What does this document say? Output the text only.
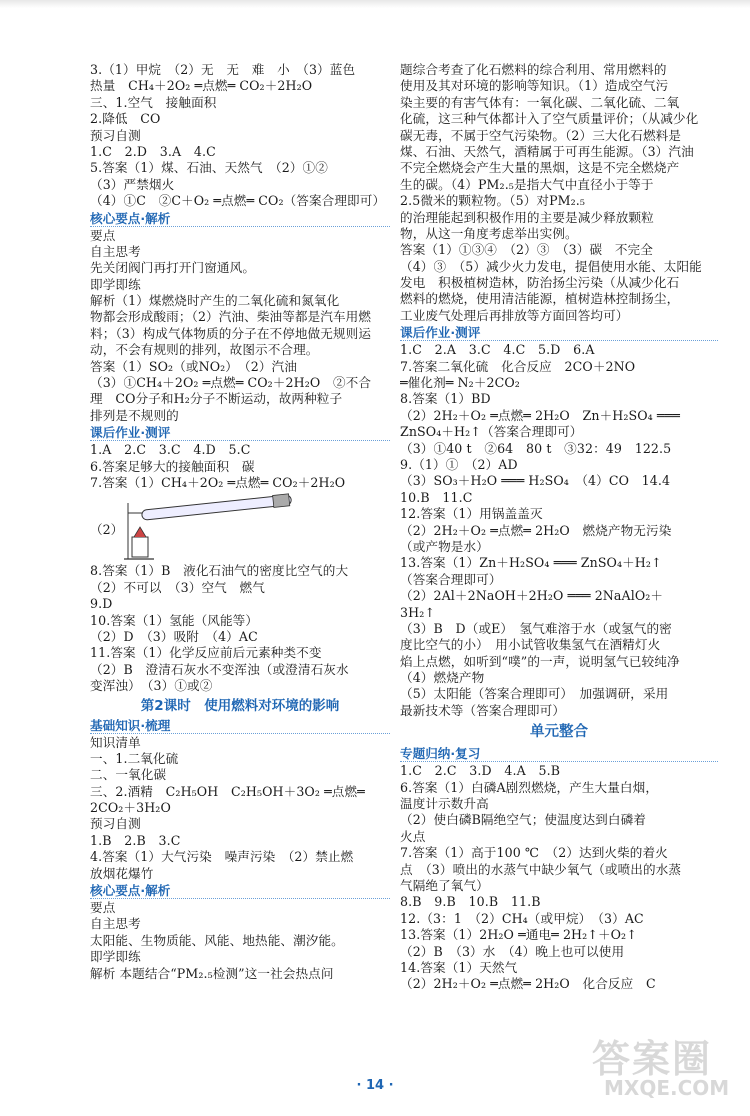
3.（1）甲烷　（2）无　无　难　小　（3）蓝色
热量　CH₄＋2O₂ ═点燃═ CO₂＋2H₂O
三、1.空气　接触面积
2.降低　CO
预习自测
1.C　2.D　3.A　4.C
5.答案（1）煤、石油、天然气　（2）①②
（3）严禁烟火
（4）①C　②C＋O₂ ═点燃═ CO₂（答案合理即可）
核心要点·解析
要点
自主思考
先关闭阀门再打开门窗通风。
即学即练
解析（1）煤燃烧时产生的二氧化硫和氮氧化
物都会形成酸雨；（2）汽油、柴油等都是汽车用燃
料；（3）构成气体物质的分子在不停地做无规则运
动，不会有规则的排列，故图示不合理。
答案（1）SO₂（或NO₂）　（2）汽油
（3）①CH₄＋2O₂ ═点燃═ CO₂＋2H₂O　②不合
理　CO分子和H₂分子不断运动，故两种粒子
排列是不规则的
课后作业·测评
1.A　2.C　3.C　4.D　5.C
6.答案足够大的接触面积　碳
7.答案（1）CH₄＋2O₂ ═点燃═ CO₂＋2H₂O
（2）
8.答案（1）B　液化石油气的密度比空气的大
（2）不可以　（3）空气　燃气
9.D
10.答案（1）氢能（风能等）
（2）D　（3）吸附　（4）AC
11.答案（1）化学反应前后元素种类不变
（2）B　澄清石灰水不变浑浊（或澄清石灰水
变浑浊）　（3）①或②
第2课时　使用燃料对环境的影响
基础知识·梳理
知识清单
一、1.二氧化硫
二、一氧化碳
三、2.酒精　C₂H₅OH　C₂H₅OH＋3O₂ ═点燃═
2CO₂＋3H₂O
预习自测
1.B　2.B　3.C
4.答案（1）大气污染　噪声污染　（2）禁止燃
放烟花爆竹
核心要点·解析
要点
自主思考
太阳能、生物质能、风能、地热能、潮汐能。
即学即练
解析 本题结合“PM₂.₅检测”这一社会热点问
题综合考查了化石燃料的综合利用、常用燃料的
使用及其对环境的影响等知识。（1）造成空气污
染主要的有害气体有：一氧化碳、二氧化硫、二氧
化硫，这三种气体都计入了空气质量评价；（从减少化
碳无毒，不属于空气污染物。（2）三大化石燃料是
煤、石油、天然气，酒精属于可再生能源。（3）汽油
不完全燃烧会产生大量的黑烟，这是不完全燃烧产
生的碳。（4）PM₂.₅是指大气中直径小于等于
2.5微米的颗粒物。（5）对PM₂.₅
的治理能起到积极作用的主要是减少释放颗粒
物，从这一角度考虑举出实例。
答案（1）①③④　（2）③　（3）碳　不完全
（4）③　（5）减少火力发电，提倡使用水能、太阳能
发电　积极植树造林，防治扬尘污染（从减少化石
燃料的燃烧，使用清洁能源，植树造林控制扬尘，
工业废气处理后再排放等方面回答均可）
课后作业·测评
1.C　2.A　3.C　4.C　5.D　6.A
7.答案二氧化硫　化合反应　2CO＋2NO
═催化剂═ N₂＋2CO₂
8.答案（1）BD
（2）2H₂＋O₂ ═点燃═ 2H₂O　Zn＋H₂SO₄ ═══
ZnSO₄＋H₂↑（答案合理即可）
（3）①40 t　②64　80 t　③32：49　122.5
9.（1）①　（2）AD
（3）SO₃＋H₂O ═══ H₂SO₄　（4）CO　14.4
10.B　11.C
12.答案（1）用锅盖盖灭
（2）2H₂＋O₂ ═点燃═ 2H₂O　燃烧产物无污染
（或产物是水）
13.答案（1）Zn＋H₂SO₄ ═══ ZnSO₄＋H₂↑
（答案合理即可）
（2）2Al＋2NaOH＋2H₂O ═══ 2NaAlO₂＋
3H₂↑
（3）B　D（或E）　氢气难溶于水（或氢气的密
度比空气的小）　用小试管收集氢气在酒精灯火
焰上点燃，如听到“噗”的一声，说明氢气已较纯净
（4）燃烧产物
（5）太阳能（答案合理即可）　加强调研，采用
最新技术等（答案合理即可）
单元整合
专题归纳·复习
1.C　2.C　3.D　4.A　5.B
6.答案（1）白磷A剧烈燃烧，产生大量白烟，
温度计示数升高
（2）使白磷B隔绝空气；使温度达到白磷着
火点
7.答案（1）高于100 ℃　（2）达到火柴的着火
点　（3）喷出的水蒸气中缺少氧气（或喷出的水蒸
气隔绝了氧气）
8.B　9.B　10.B　11.B
12.（3：1　（2）CH₄（或甲烷）　（3）AC
13.答案（1）2H₂O ═通电═ 2H₂↑＋O₂↑
（2）B　（3）水　（4）晚上也可以使用
14.答案（1）天然气
（2）2H₂＋O₂ ═点燃═ 2H₂O　化合反应　C
· 14 ·
答案圈
MXQE.COM
